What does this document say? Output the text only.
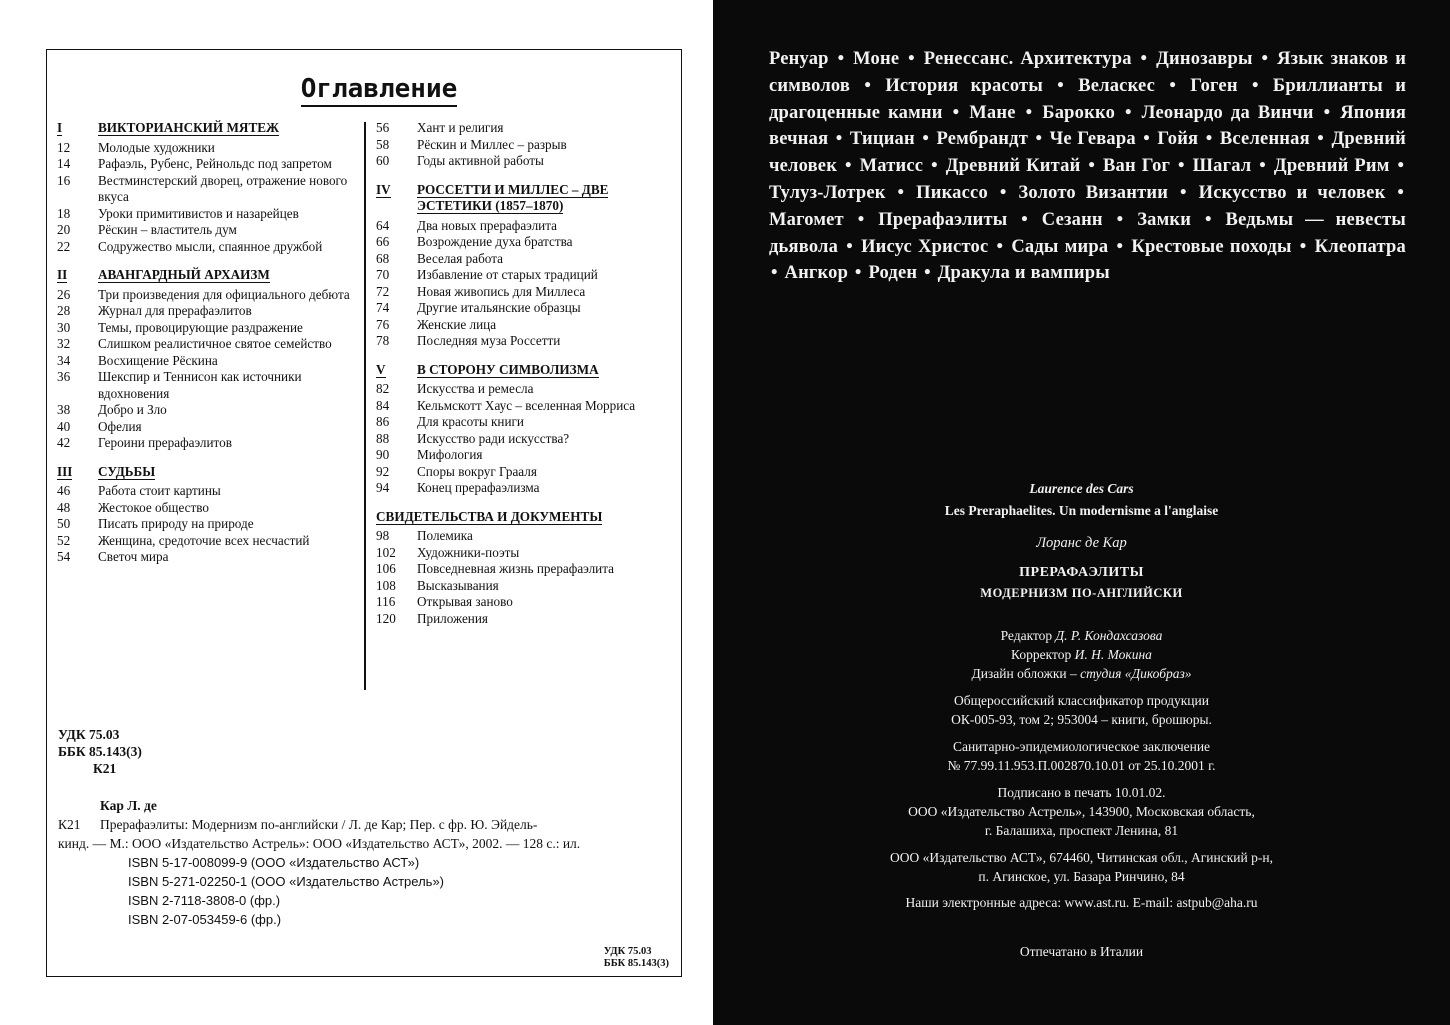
Оглавление
I	ВИКТОРИАНСКИЙ МЯТЕЖ
12	Молодые художники
14	Рафаэль, Рубенс, Рейнольдс под запретом
16	Вестминстерский дворец, отражение нового вкуса
18	Уроки примитивистов и назарейцев
20	Рёскин – властитель дум
22	Содружество мысли, спаянное дружбой
II	АВАНГАРДНЫЙ АРХАИЗМ
26	Три произведения для официального дебюта
28	Журнал для прерафаэлитов
30	Темы, провоцирующие раздражение
32	Слишком реалистичное святое семейство
34	Восхищение Рёскина
36	Шекспир и Теннисон как источники вдохновения
38	Добро и Зло
40	Офелия
42	Героини прерафаэлитов
III	СУДЬБЫ
46	Работа стоит картины
48	Жестокое общество
50	Писать природу на природе
52	Женщина, средоточие всех несчастий
54	Светоч мира
56	Хант и религия
58	Рёскин и Миллес – разрыв
60	Годы активной работы
IV	РОССЕТТИ И МИЛЛЕС – ДВЕ ЭСТЕТИКИ (1857–1870)
64	Два новых прерафаэлита
66	Возрождение духа братства
68	Веселая работа
70	Избавление от старых традиций
72	Новая живопись для Миллеса
74	Другие итальянские образцы
76	Женские лица
78	Последняя муза Россетти
V	В СТОРОНУ СИМВОЛИЗМА
82	Искусства и ремесла
84	Кельмскотт Хаус – вселенная Морриса
86	Для красоты книги
88	Искусство ради искусства?
90	Мифология
92	Споры вокруг Грааля
94	Конец прерафаэлизма
СВИДЕТЕЛЬСТВА И ДОКУМЕНТЫ
98	Полемика
102	Художники-поэты
106	Повседневная жизнь прерафаэлита
108	Высказывания
116	Открывая заново
120	Приложения
УДК 75.03
ББК 85.143(3)
К21
Кар Л. де
К21	Прерафаэлиты: Модернизм по-английски / Л. де Кар; Пер. с фр. Ю. Эйдель-
кинд. — М.: ООО «Издательство Астрель»: ООО «Издательство АСТ», 2002. — 128 с.: ил.
ISBN 5-17-008099-9 (ООО «Издательство АСТ»)
ISBN 5-271-02250-1 (ООО «Издательство Астрель»)
ISBN 2-7118-3808-0 (фр.)
ISBN 2-07-053459-6 (фр.)
УДК 75.03
ББК 85.143(3)
Ренуар • Моне • Ренессанс. Архитектура • Динозавры • Язык знаков и символов • История красоты • Веласкес • Гоген • Бриллианты и драгоценные камни • Мане • Барокко • Леонардо да Винчи • Япония вечная • Тициан • Рембрандт • Че Гевара • Гойя • Вселенная • Древний человек • Матисс • Древний Китай • Ван Гог • Шагал • Древний Рим • Тулуз-Лотрек • Пикассо • Золото Византии • Искусство и человек • Магомет • Прерафаэлиты • Сезанн • Замки • Ведьмы — невесты дьявола • Иисус Христос • Сады мира • Крестовые походы • Клеопатра • Ангкор • Роден • Дракула и вампиры
Laurence des Cars
Les Preraphaelites. Un modernisme a l'anglaise
Лоранс де Кар
ПРЕРАФАЭЛИТЫ
МОДЕРНИЗМ ПО-АНГЛИЙСКИ
Редактор Д. Р. Кондахсазова
Корректор И. Н. Мокина
Дизайн обложки – студия «Дикобраз»
Общероссийский классификатор продукции
ОК-005-93, том 2; 953004 – книги, брошюры.
Санитарно-эпидемиологическое заключение
№ 77.99.11.953.П.002870.10.01 от 25.10.2001 г.
Подписано в печать 10.01.02.
ООО «Издательство Астрель», 143900, Московская область,
г. Балашиха, проспект Ленина, 81
ООО «Издательство АСТ», 674460, Читинская обл., Агинский р-н,
п. Агинское, ул. Базара Ринчино, 84
Наши электронные адреса: www.ast.ru. E-mail: astpub@aha.ru
Отпечатано в Италии
